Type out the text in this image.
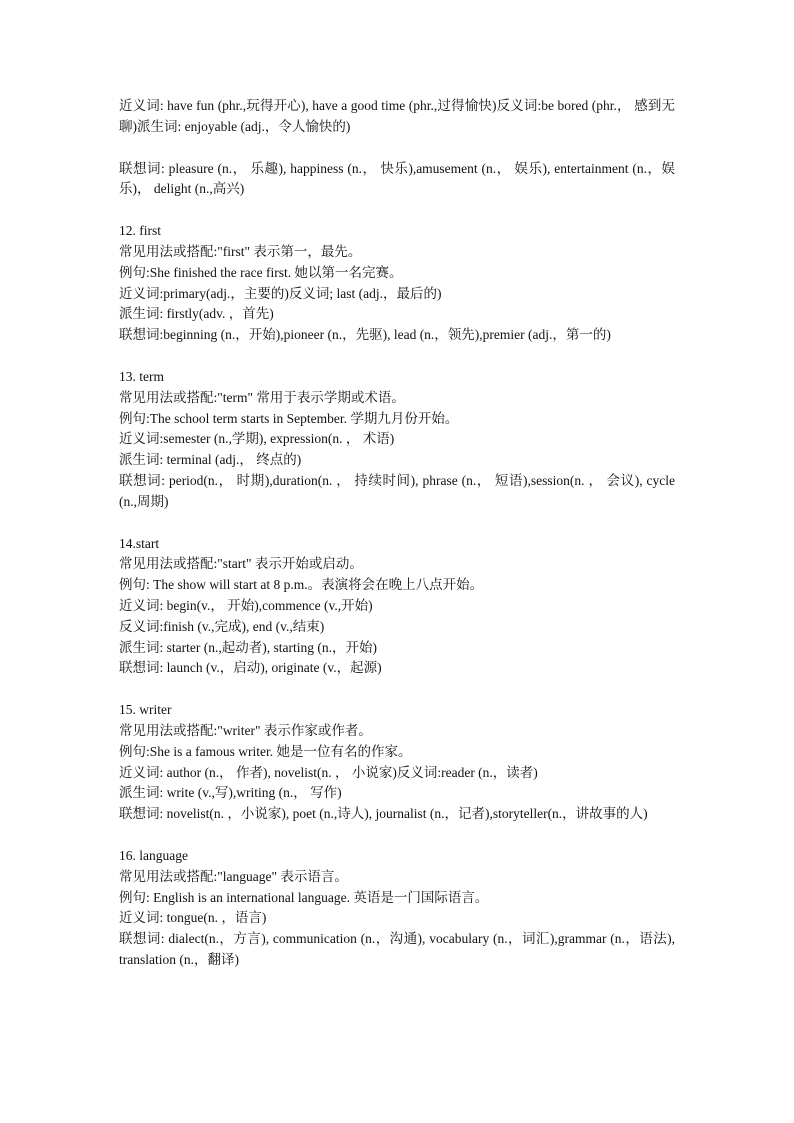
近义词: have fun (phr.,玩得开心), have a good time (phr.,过得愉快)反义词:be bored (phr.， 感到无聊)派生词: enjoyable (adj.，令人愉快的)

联想词: pleasure (n.， 乐趣), happiness (n.， 快乐),amusement (n.， 娱乐), entertainment (n.，娱乐)， delight (n.,高兴)

12. first

常见用法或搭配:"first" 表示第一，最先。

例句:She finished the race first. 她以第一名完赛。

近义词:primary(adj.，主要的)反义词; last (adj.，最后的)

派生词: firstly(adv. ，首先)

联想词:beginning (n.，开始),pioneer (n.，先驱), lead (n.，领先),premier (adj.，第一的)

13. term

常见用法或搭配:"term" 常用于表示学期或术语。

例句:The school term starts in September. 学期九月份开始。

近义词:semester (n.,学期), expression(n. ， 术语)

派生词: terminal (adj.， 终点的)

联想词: period(n.， 时期),duration(n. ， 持续时间), phrase (n.， 短语),session(n. ， 会议), cycle (n.,周期)

14.start

常见用法或搭配:"start" 表示开始或启动。

例句: The show will start at 8 p.m.。表演将会在晚上八点开始。

近义词: begin(v.， 开始),commence (v.,开始)

反义词:finish (v.,完成), end (v.,结束)

派生词: starter (n.,起动者), starting (n.，开始)

联想词: launch (v.，启动), originate (v.，起源)

15. writer

常见用法或搭配:"writer" 表示作家或作者。

例句:She is a famous writer. 她是一位有名的作家。

近义词: author (n.， 作者), novelist(n. ， 小说家)反义词:reader (n.，读者)

派生词: write (v.,写),writing (n.， 写作)

联想词: novelist(n. ，小说家), poet (n.,诗人), journalist (n.，记者),storyteller(n.，讲故事的人)

16. language

常见用法或搭配:"language" 表示语言。

例句: English is an international language. 英语是一门国际语言。

近义词: tongue(n. ，语言)

联想词: dialect(n.，方言), communication (n.，沟通), vocabulary (n.，词汇),grammar (n.，语法), translation (n.，翻译)
